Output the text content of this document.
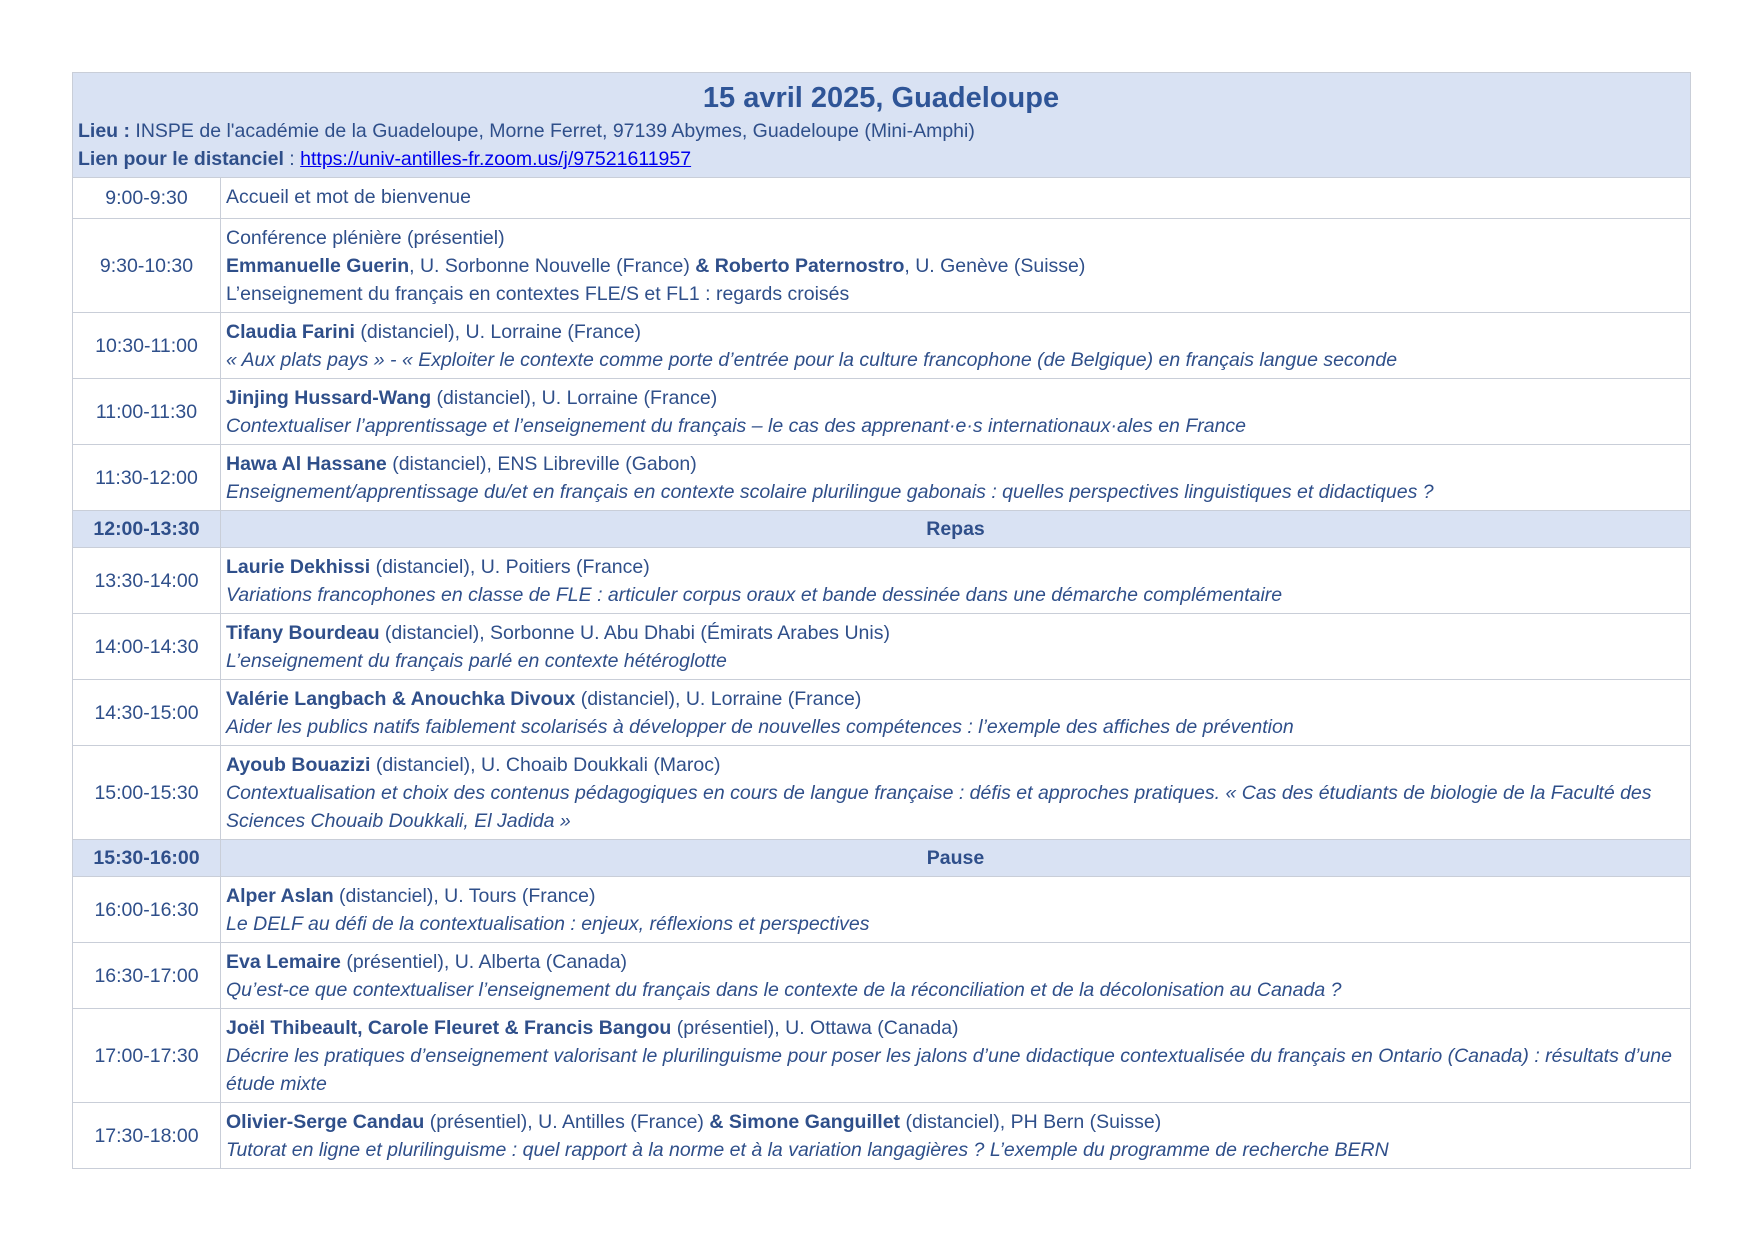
15 avril 2025, Guadeloupe
Lieu : INSPE de l'académie de la Guadeloupe, Morne Ferret, 97139 Abymes, Guadeloupe (Mini-Amphi)
Lien pour le distanciel : https://univ-antilles-fr.zoom.us/j/97521611957	

9:00-9:30	Accueil et mot de bienvenue

9:30-10:30	Conférence plénière (présentiel)
Emmanuelle Guerin, U. Sorbonne Nouvelle (France) & Roberto Paternostro, U. Genève (Suisse)
L’enseignement du français en contextes FLE/S et FL1 : regards croisés

10:30-11:00	Claudia Farini (distanciel), U. Lorraine (France)
« Aux plats pays » - « Exploiter le contexte comme porte d’entrée pour la culture francophone (de Belgique) en français langue seconde

11:00-11:30	Jinjing Hussard-Wang (distanciel), U. Lorraine (France)
Contextualiser l’apprentissage et l’enseignement du français – le cas des apprenant·e·s internationaux·ales en France

11:30-12:00	Hawa Al Hassane (distanciel), ENS Libreville (Gabon)
Enseignement/apprentissage du/et en français en contexte scolaire plurilingue gabonais : quelles perspectives linguistiques et didactiques ?

12:00-13:30	Repas
13:30-14:00	Laurie Dekhissi (distanciel), U. Poitiers (France)
Variations francophones en classe de FLE : articuler corpus oraux et bande dessinée dans une démarche complémentaire

14:00-14:30	Tifany Bourdeau (distanciel), Sorbonne U. Abu Dhabi (Émirats Arabes Unis)
L’enseignement du français parlé en contexte hétéroglotte

14:30-15:00	Valérie Langbach & Anouchka Divoux (distanciel), U. Lorraine (France)
Aider les publics natifs faiblement scolarisés à développer de nouvelles compétences : l’exemple des affiches de prévention

15:00-15:30	Ayoub Bouazizi (distanciel), U. Choaib Doukkali (Maroc)
Contextualisation et choix des contenus pédagogiques en cours de langue française : défis et approches pratiques. « Cas des étudiants de biologie de la Faculté des Sciences Chouaib Doukkali, El Jadida »

15:30-16:00	Pause
16:00-16:30	Alper Aslan (distanciel), U. Tours (France)
Le DELF au défi de la contextualisation : enjeux, réflexions et perspectives

16:30-17:00	Eva Lemaire (présentiel), U. Alberta (Canada)
Qu’est-ce que contextualiser l’enseignement du français dans le contexte de la réconciliation et de la décolonisation au Canada ?

17:00-17:30	Joël Thibeault, Carole Fleuret & Francis Bangou (présentiel), U. Ottawa (Canada)
Décrire les pratiques d’enseignement valorisant le plurilinguisme pour poser les jalons d’une didactique contextualisée du français en Ontario (Canada) : résultats d’une étude mixte

17:30-18:00	Olivier-Serge Candau (présentiel), U. Antilles (France) & Simone Ganguillet (distanciel), PH Bern (Suisse)
Tutorat en ligne et plurilinguisme : quel rapport à la norme et à la variation langagières ? L’exemple du programme de recherche BERN
